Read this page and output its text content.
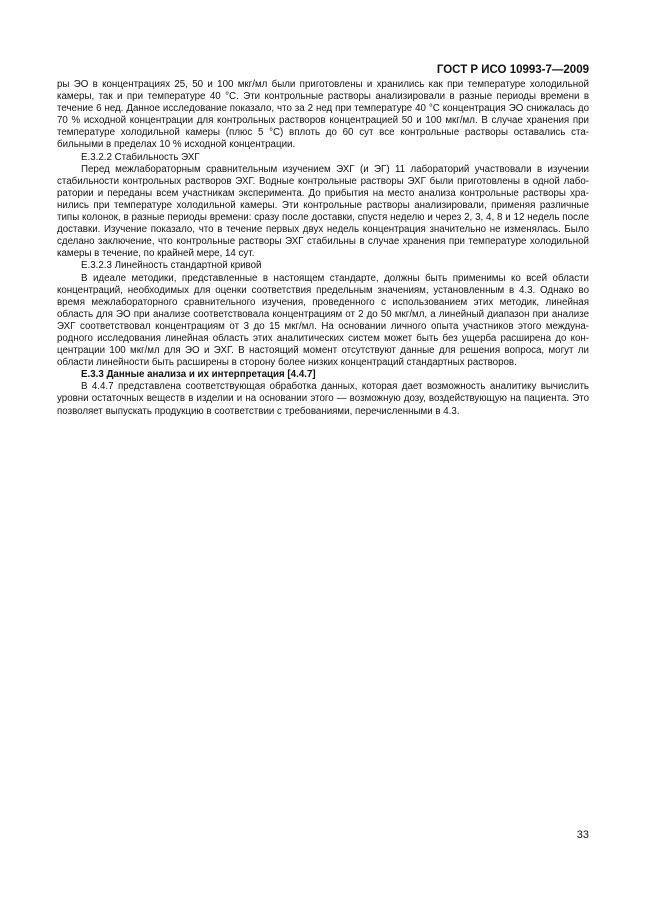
ГОСТ Р ИСО 10993-7—2009

ры ЭО в концентрациях 25, 50 и 100 мкг/мл были приготовлены и хранились как при температуре холодильной камеры, так и при температуре 40 °С. Эти контрольные растворы анализировали в разные периоды времени в течение 6 нед. Данное исследование показало, что за 2 нед при температуре 40 °С концентрация ЭО снижалась до 70 % исходной концентрации для контрольных растворов концентрацией 50 и 100 мкг/мл. В случае хранения при температуре холодильной камеры (плюс 5 °С) вплоть до 60 сут все контрольные растворы оставались стабильными в пределах 10 % исходной концентрации.

Е.3.2.2 Стабильность ЭХГ

Перед межлабораторным сравнительным изучением ЭХГ (и ЭГ) 11 лабораторий участвовали в изучении стабильности контрольных растворов ЭХГ. Водные контрольные растворы ЭХГ были приготовлены в одной лаборатории и переданы всем участникам эксперимента. До прибытия на место анализа контрольные растворы хранились при температуре холодильной камеры. Эти контрольные растворы анализировали, применяя различные типы колонок, в разные периоды времени: сразу после доставки, спустя неделю и через 2, 3, 4, 8 и 12 недель после доставки. Изучение показало, что в течение первых двух недель концентрация значительно не изменялась. Было сделано заключение, что контрольные растворы ЭХГ стабильны в случае хранения при температуре холодильной камеры в течение, по крайней мере, 14 сут.

Е.3.2.3 Линейность стандартной кривой

В идеале методики, представленные в настоящем стандарте, должны быть применимы ко всей области концентраций, необходимых для оценки соответствия предельным значениям, установленным в 4.3. Однако во время межлабораторного сравнительного изучения, проведенного с использованием этих методик, линейная область для ЭО при анализе соответствовала концентрациям от 2 до 50 мкг/мл, а линейный диапазон при анализе ЭХГ соответствовал концентрациям от 3 до 15 мкг/мл. На основании личного опыта участников этого международного исследования линейная область этих аналитических систем может быть без ущерба расширена до концентрации 100 мкг/мл для ЭО и ЭХГ. В настоящий момент отсутствуют данные для решения вопроса, могут ли области линейности быть расширены в сторону более низких концентраций стандартных растворов.

Е.3.3 Данные анализа и их интерпретация [4.4.7]

В 4.4.7 представлена соответствующая обработка данных, которая дает возможность аналитику вычислить уровни остаточных веществ в изделии и на основании этого — возможную дозу, воздействующую на пациента. Это позволяет выпускать продукцию в соответствии с требованиями, перечисленными в 4.3.

33
